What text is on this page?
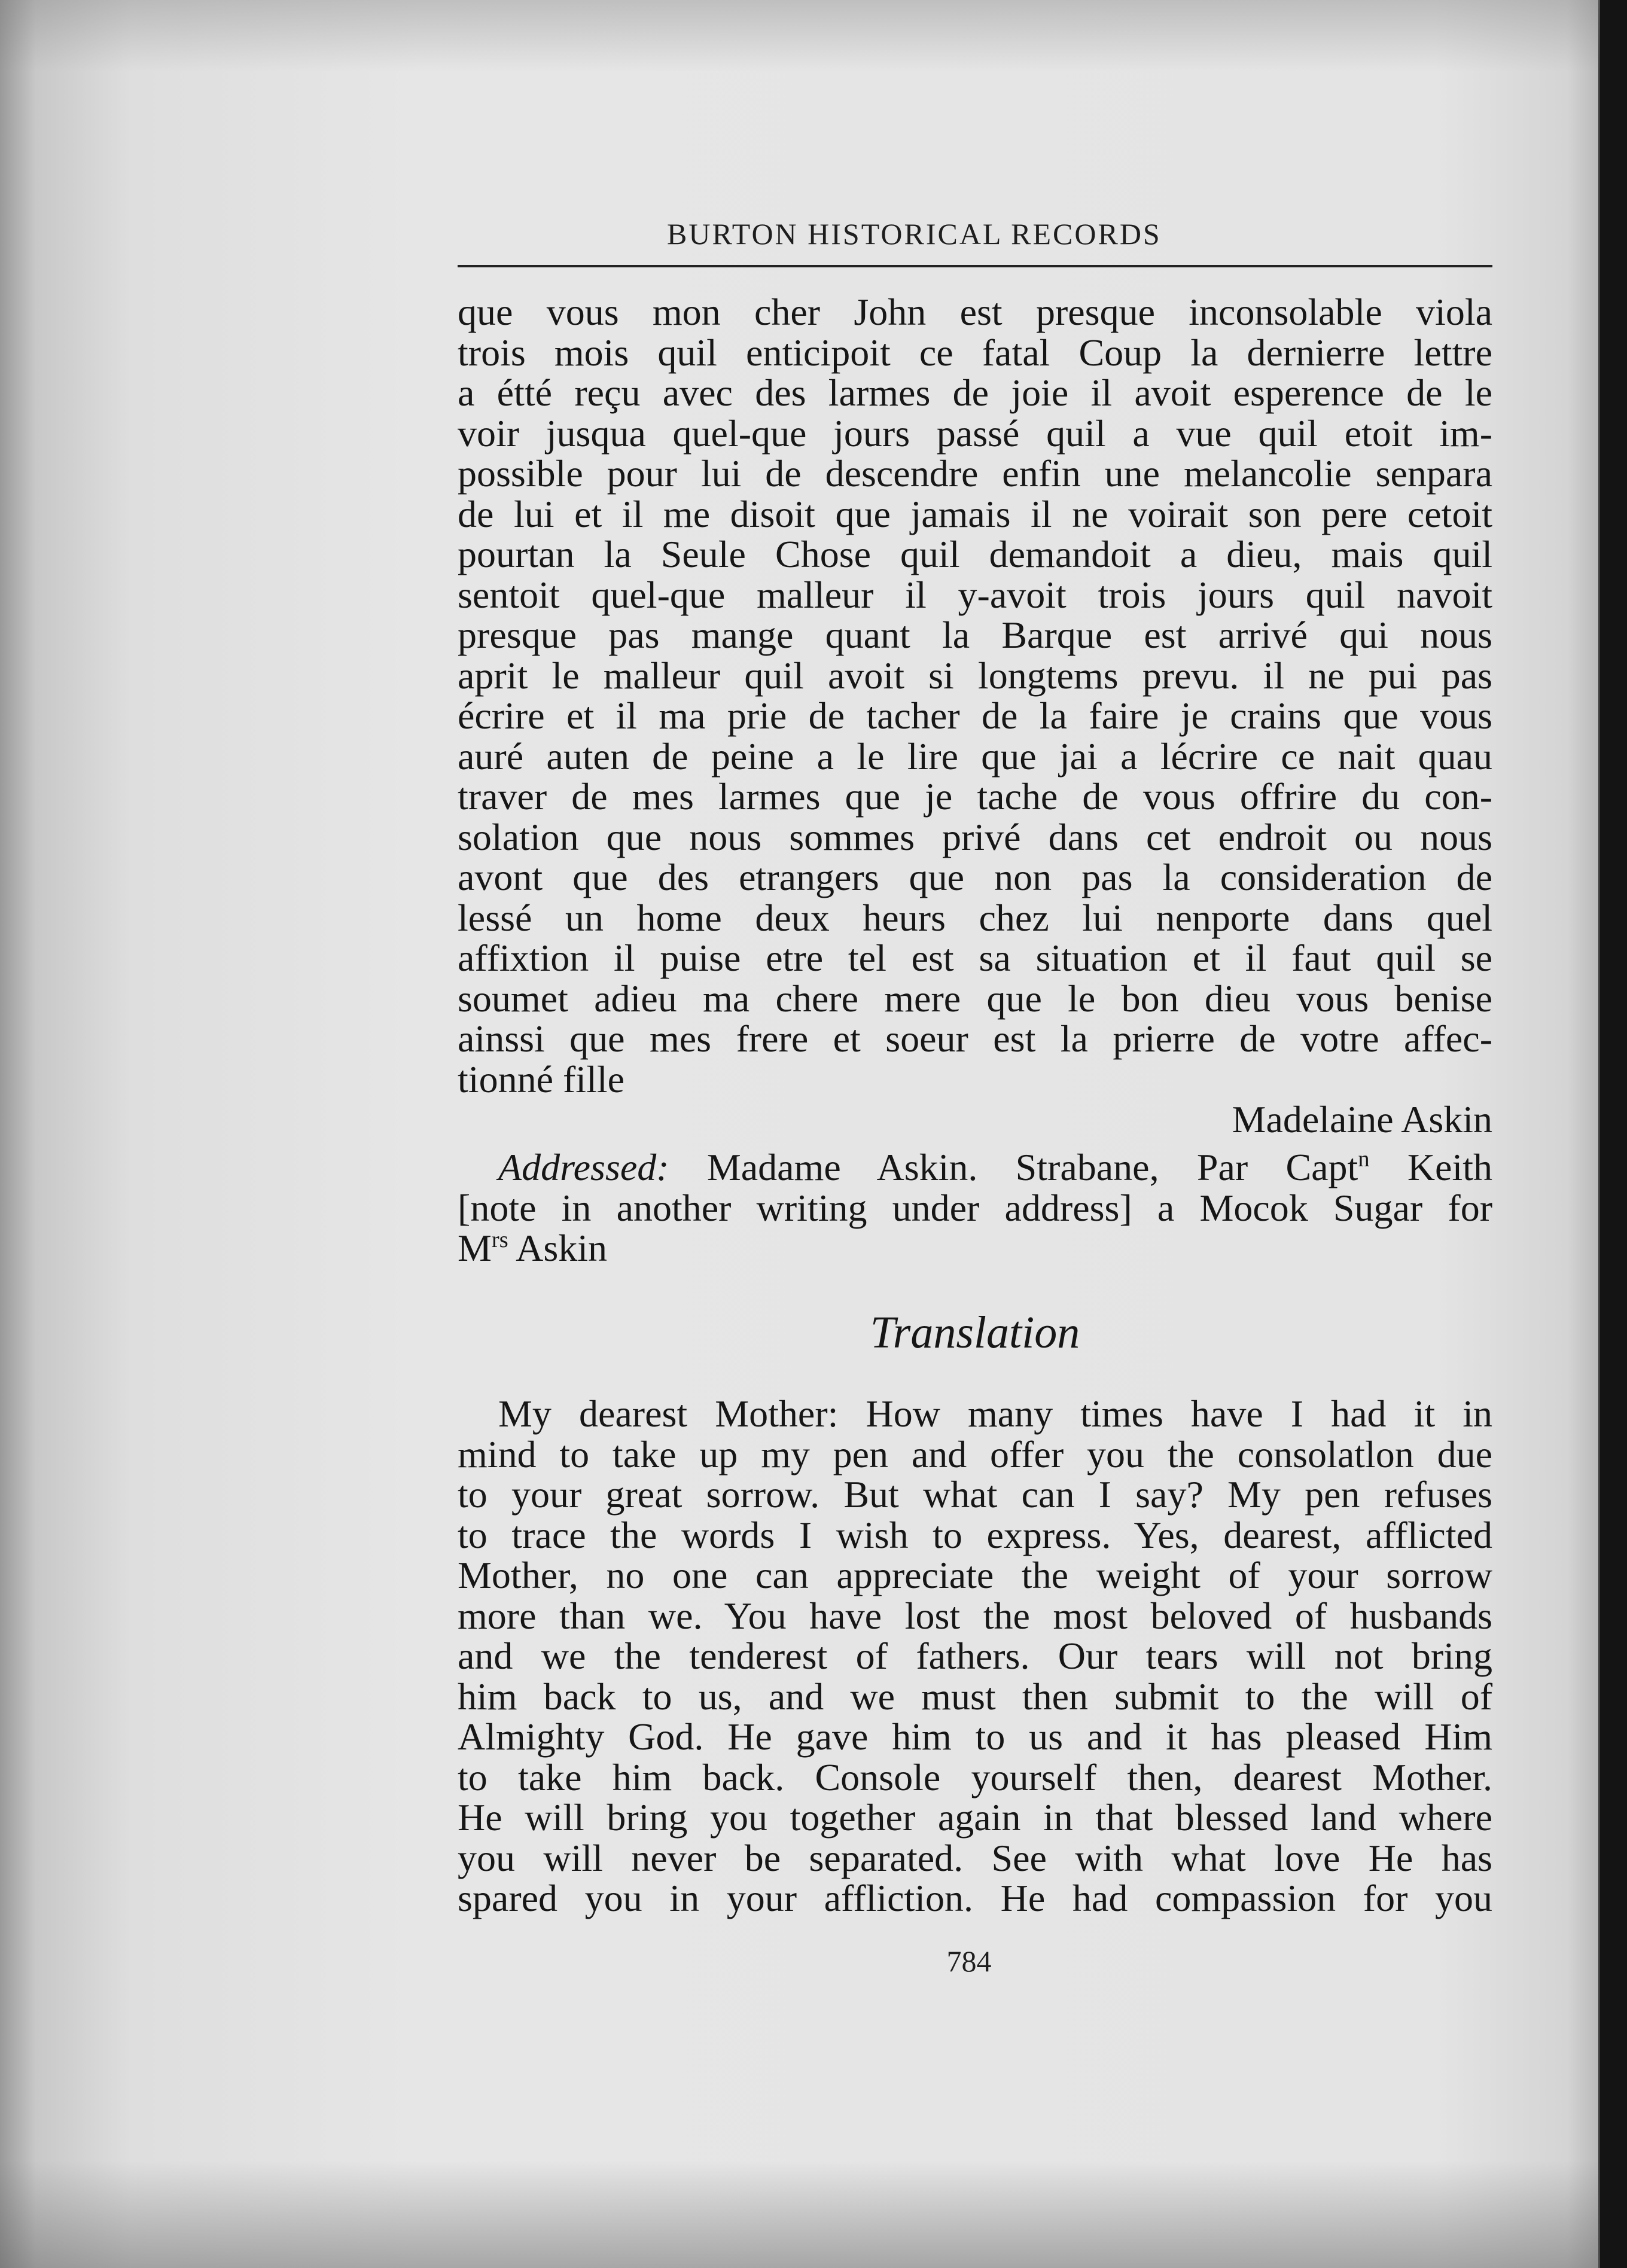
BURTON HISTORICAL RECORDS
que vous mon cher John est presque inconsolable viola
trois mois quil enticipoit ce fatal Coup la dernierre lettre
a étté reçu avec des larmes de joie il avoit esperence de le
voir jusqua quel-que jours passé quil a vue quil etoit im-
possible pour lui de descendre enfin une melancolie senpara
de lui et il me disoit que jamais il ne voirait son pere cetoit
pourtan la Seule Chose quil demandoit a dieu, mais quil
sentoit quel-que malleur il y-avoit trois jours quil navoit
presque pas mange quant la Barque est arrivé qui nous
aprit le malleur quil avoit si longtems prevu. il ne pui pas
écrire et il ma prie de tacher de la faire je crains que vous
auré auten de peine a le lire que jai a lécrire ce nait quau
traver de mes larmes que je tache de vous offrire du con-
solation que nous sommes privé dans cet endroit ou nous
avont que des etrangers que non pas la consideration de
lessé un home deux heurs chez lui nenporte dans quel
affixtion il puise etre tel est sa situation et il faut quil se
soumet adieu ma chere mere que le bon dieu vous benise
ainssi que mes frere et soeur est la prierre de votre affec-
tionné fille
Madelaine Askin
Addressed: Madame Askin. Strabane, Par Capt$^n$ Keith
[note in another writing under address] a Mocok Sugar for
$M^{rs}$ Askin
Translation
My dearest Mother: How many times have I had it in
mind to take up my pen and offer you the consolatlon due
to your great sorrow. But what can I say? My pen refuses
to trace the words I wish to express. Yes, dearest, afflicted
Mother, no one can appreciate the weight of your sorrow
more than we. You have lost the most beloved of husbands
and we the tenderest of fathers. Our tears will not bring
him back to us, and we must then submit to the will of
Almighty God. He gave him to us and it has pleased Him
to take him back. Console yourself then, dearest Mother.
He will bring you together again in that blessed land where
you will never be separated. See with what love He has
spared you in your affliction. He had compassion for you
784
